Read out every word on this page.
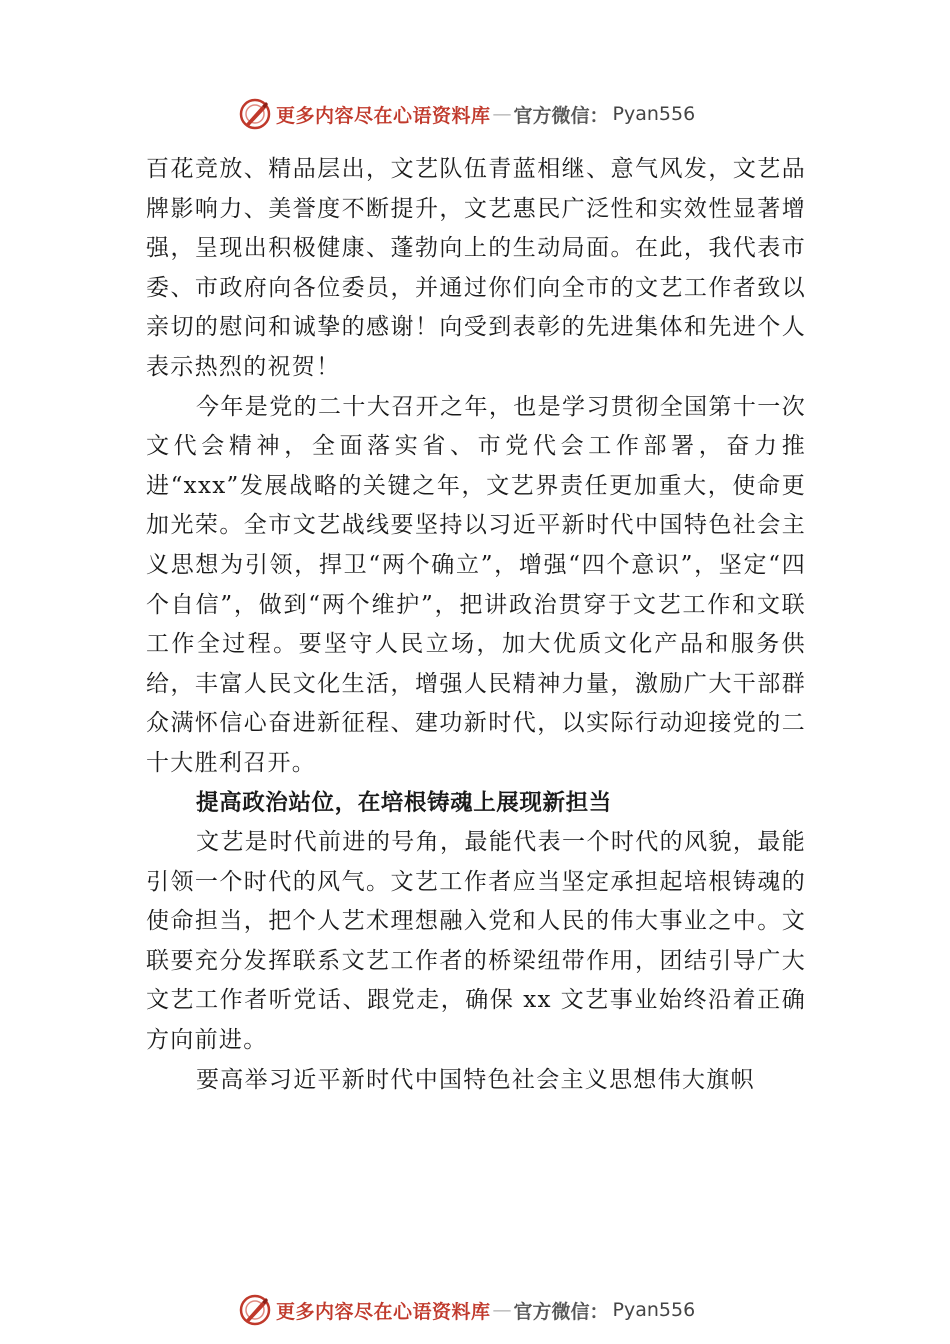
更多内容尽在心语资料库 — 官方微信： Pyan556

百花竞放、精品层出，文艺队伍青蓝相继、意气风发，文艺品牌影响力、美誉度不断提升，文艺惠民广泛性和实效性显著增强，呈现出积极健康、蓬勃向上的生动局面。在此，我代表市委、市政府向各位委员，并通过你们向全市的文艺工作者致以亲切的慰问和诚挚的感谢！向受到表彰的先进集体和先进个人表示热烈的祝贺！

今年是党的二十大召开之年，也是学习贯彻全国第十一次文代会精神，全面落实省、市党代会工作部署，奋力推进“xxx”发展战略的关键之年，文艺界责任更加重大，使命更加光荣。全市文艺战线要坚持以习近平新时代中国特色社会主义思想为引领，捍卫“两个确立”，增强“四个意识”，坚定“四个自信”，做到“两个维护”，把讲政治贯穿于文艺工作和文联工作全过程。要坚守人民立场，加大优质文化产品和服务供给，丰富人民文化生活，增强人民精神力量，激励广大干部群众满怀信心奋进新征程、建功新时代，以实际行动迎接党的二十大胜利召开。

提高政治站位，在培根铸魂上展现新担当

文艺是时代前进的号角，最能代表一个时代的风貌，最能引领一个时代的风气。文艺工作者应当坚定承担起培根铸魂的使命担当，把个人艺术理想融入党和人民的伟大事业之中。文联要充分发挥联系文艺工作者的桥梁纽带作用，团结引导广大文艺工作者听党话、跟党走，确保 xx 文艺事业始终沿着正确方向前进。

要高举习近平新时代中国特色社会主义思想伟大旗帜

更多内容尽在心语资料库 — 官方微信： Pyan556
